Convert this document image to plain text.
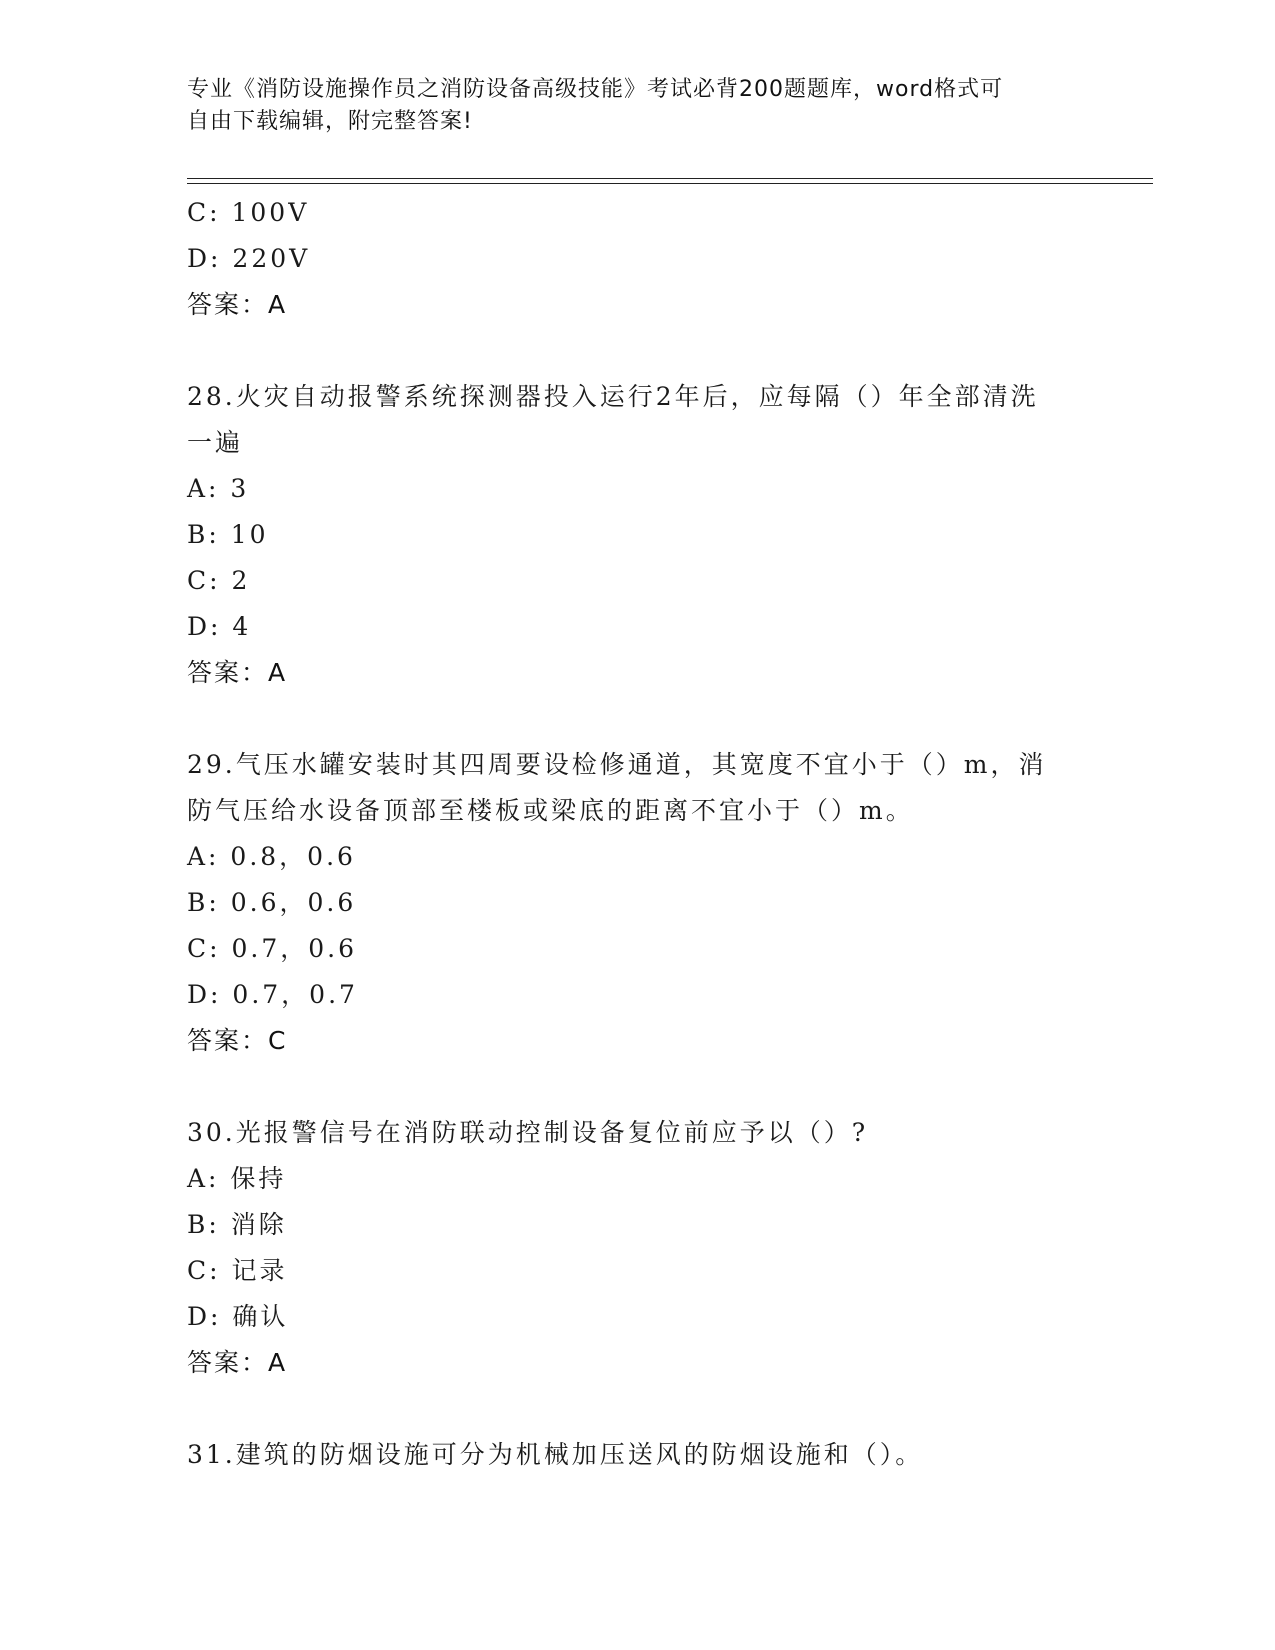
专业《消防设施操作员之消防设备高级技能》考试必背200题题库，word格式可
自由下载编辑，附完整答案!
C: 100V
D: 220V
答案：A
28.火灾自动报警系统探测器投入运行2年后，应每隔（）年全部清洗
一遍
A: 3
B: 10
C: 2
D: 4
答案：A
29.气压水罐安装时其四周要设检修通道，其宽度不宜小于（）m，消
防气压给水设备顶部至楼板或梁底的距离不宜小于（）m。
A: 0.8，0.6
B: 0.6，0.6
C: 0.7，0.6
D: 0.7，0.7
答案：C
30.光报警信号在消防联动控制设备复位前应予以（）?
A: 保持
B: 消除
C: 记录
D: 确认
答案：A
31.建筑的防烟设施可分为机械加压送风的防烟设施和（）。
